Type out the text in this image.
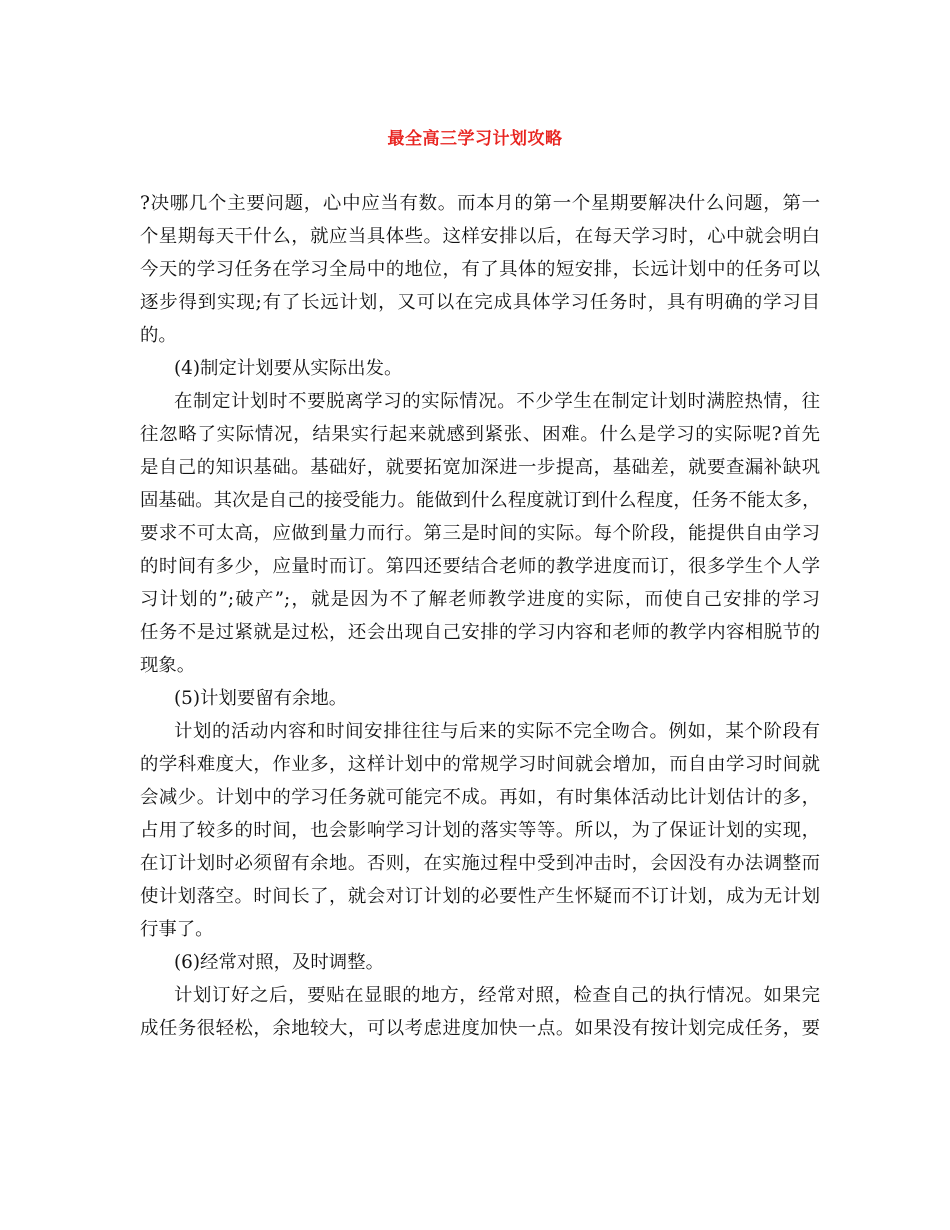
最全高三学习计划攻略
?决哪几个主要问题，心中应当有数。而本月的第一个星期要解决什么问题，第一
个星期每天干什么，就应当具体些。这样安排以后，在每天学习时，心中就会明白
今天的学习任务在学习全局中的地位，有了具体的短安排，长远计划中的任务可以
逐步得到实现;有了长远计划，又可以在完成具体学习任务时，具有明确的学习目
的。
(4)制定计划要从实际出发。
在制定计划时不要脱离学习的实际情况。不少学生在制定计划时满腔热情，往
往忽略了实际情况，结果实行起来就感到紧张、困难。什么是学习的实际呢?首先
是自己的知识基础。基础好，就要拓宽加深进一步提高，基础差，就要查漏补缺巩
固基础。其次是自己的接受能力。能做到什么程度就订到什么程度，任务不能太多，
要求不可太高，应做到量力而行。第三是时间的实际。每个阶段，能提供自由学习
的时间有多少，应量时而订。第四还要结合老师的教学进度而订，很多学生个人学
习计划的”;破产”;，就是因为不了解老师教学进度的实际，而使自己安排的学习
任务不是过紧就是过松，还会出现自己安排的学习内容和老师的教学内容相脱节的
现象。
(5)计划要留有余地。
计划的活动内容和时间安排往往与后来的实际不完全吻合。例如，某个阶段有
的学科难度大，作业多，这样计划中的常规学习时间就会增加，而自由学习时间就
会减少。计划中的学习任务就可能完不成。再如，有时集体活动比计划估计的多，
占用了较多的时间，也会影响学习计划的落实等等。所以，为了保证计划的实现，
在订计划时必须留有余地。否则，在实施过程中受到冲击时，会因没有办法调整而
使计划落空。时间长了，就会对订计划的必要性产生怀疑而不订计划，成为无计划
行事了。
(6)经常对照，及时调整。
计划订好之后，要贴在显眼的地方，经常对照，检查自己的执行情况。如果完
成任务很轻松，余地较大，可以考虑进度加快一点。如果没有按计划完成任务，要
